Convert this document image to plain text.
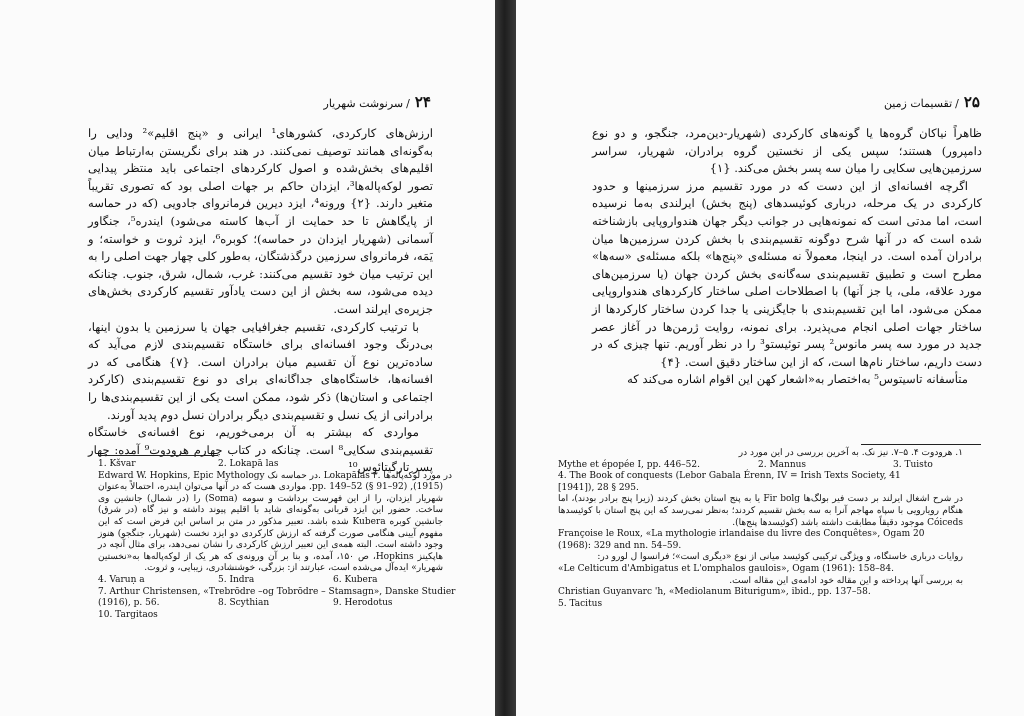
۲۴/سرنوشت شهریار

ارزش‌های کارکردی، کشورهای¹ ایرانی و «پنج اقلیم»² ودایی را به‌گونه‌ای همانند توصیف نمی‌کنند. در هند برای نگریستن به‌ارتباط میان اقلیم‌های بخش‌شده و اصول کارکردهای اجتماعی باید منتظر پیدایی تصور لوکه‌پاله‌ها³، ایزدان حاکم بر جهات اصلی بود که تصوری تقریباً متغیر دارند. {۲} ورونه⁴، ایزد دیرین فرمانروای جادویی (که در حماسه از پایگاهش تا حد حمایت از آب‌ها کاسته می‌شود) ایندره⁵، جنگاور آسمانی (شهریار ایزدان در حماسه)؛ کوبره⁶، ایزد ثروت و خواسته؛ و یَمَه، فرمانروای سرزمین درگذشتگان، به‌طور کلی چهار جهت اصلی را به این ترتیب میان خود تقسیم می‌کنند: غرب، شمال، شرق، جنوب. چنانکه دیده می‌شود، سه بخش از این دست یادآور تقسیم کارکردی بخش‌های جزیره‌ی ایرلند است.

با ترتیب کارکردی، تقسیم جغرافیایی جهان یا سرزمین یا بدون اینها، بی‌درنگ وجود افسانه‌ای برای خاستگاه تقسیم‌بندی لازم می‌آید که ساده‌ترین نوع آن تقسیم میان برادران است. {۷} هنگامی که در افسانه‌ها، خاستگاه‌های جداگانه‌ای برای دو نوع تقسیم‌بندی (کارکرد اجتماعی و استان‌ها) ذکر شود، ممکن است یکی از این تقسیم‌بندی‌ها را برادرانی از یک نسل و تقسیم‌بندی دیگر برادران نسل دوم پدید آورند.

مواردی که بیشتر به آن برمی‌خوریم، نوع افسانه‌ی خاستگاه تقسیم‌بندی سکایی⁸ است. چنانکه در کتاب چهارم هرودوت⁹ آمده: چهار پسر تارگیتائوس¹⁰

1. Kšvar	2. Lokapā las
Edward W. Hopkins, Epic Mythology در حماسه نک. Lokapālas ۳. در مورد لوکه‌پاله‌ها
(1915), pp. 149–52 (§ 91–92). مواردی هست که در آنها می‌توان ایندره، احتمالاً به‌عنوان شهریار ایزدان، را از این فهرست برداشت و سومه (Soma) را (در شمال) جانشین وی ساخت. حضور این ایزد قربانی به‌گونه‌ای شاید با اقلیم پیوند داشته و نیز گاه (در شرق) جانشین کوبره Kubera شده باشد. تعبیر مذکور در متن بر اساس این فرض است که این مفهوم آیینی هنگامی صورت گرفته که ارزش کارکردی دو ایزد نخست (شهریار، جنگجو) هنوز وجود داشته است. البته همه‌ی این تعبیر ارزش کارکردی را نشان نمی‌دهد، برای مثال آنچه در هاپکینز Hopkins، ص ۱۵۰، آمده، و بنا بر آن ورونه‌ی که هر یک از لوکه‌پاله‌ها به«نخستین شهریار» ایده‌آل می‌شده است، عبارتند از: بزرگی، خوشنشادری، زیبایی، و ثروت.
4. Varuṇ a	5. Indra	6. Kubera
7. Arthur Christensen, «Trebrōdre –og Tobrōdre – Stamsagn», Danske Studier
(1916), p. 56.	8. Scythian	9. Herodotus
10. Targitaos
۲۵/تقسیمات زمین

ظاهراً نیاکان گروه‌ها یا گونه‌های کارکردی (شهریار-دین‌مرد، جنگجو، و دو نوع دامپرور) هستند؛ سپس یکی از نخستین گروه برادران، شهریار، سراسر سرزمین‌هایی سکایی را میان سه پسر بخش می‌کند. {۱}

اگرچه افسانه‌ای از این دست که در مورد تقسیم مرز سرزمینها و حدود کارکردی در یک مرحله، درباری کوئیسدهای (پنج بخش) ایرلندی به‌ما نرسیده است، اما مدتی است که نمونه‌هایی در جوانب دیگر جهان هندواروپایی بازشناخته شده است که در آنها شرح دوگونه تقسیم‌بندی با بخش کردن سرزمین‌ها میان برادران آمده است. در اینجا، معمولاً نه مسئله‌ی «پنج‌ها» بلکه مسئله‌ی «سه‌ها» مطرح است و تطبیق تقسیم‌بندی سه‌گانه‌ی بخش کردن جهان (یا سرزمین‌های مورد علاقه، ملی، یا جز آنها) با اصطلاحات اصلی ساختار کارکردهای هندواروپایی ممکن می‌شود، اما این تقسیم‌بندی با جایگزینی یا جدا کردن ساختار کارکردها از ساختار جهات اصلی انجام می‌پذیرد. برای نمونه، روایت ژرمن‌ها در آغاز عصر جدید در مورد سه پسر مانوس² پسر توئیستو³ را در نظر آوریم. تنها چیزی که در دست داریم، ساختار نام‌ها است، که از این ساختار دقیق است. {۴}

متأسفانه تاسیتوس⁵ به‌اختصار به«اشعار کهن این اقوام اشاره می‌کند که

۱. هرودوت ۴. ۵–۷. نیز نک. به آخرین بررسی در این مورد در
Mythe et épopée I, pp. 446–52.	2. Mannus	3. Tuisto
4. The Book of conquests (Lebor Gabala Érenn, IV = Irish Texts Society, 41
[1941]), 28 § 295.
در شرح اشغال ایرلند بر دست فیر بولگ‌ها Fir bolg یا به پنج استان بخش کردند (زیرا پنج برادر بودند)، اما هنگام رویارویی با سپاه مهاجم آنرا به سه بخش تقسیم کردند؛ به‌نظر نمی‌رسد که این پنج استان با کوئیسدها Cóiceds موجود دقیقاً مطابقت داشته باشد (کوئیسدها پنج‌ها).
Françoise le Roux, «La mythologie irlandaise du livre des Conquêtes», Ogam 20
(1968): 329 and nn. 54–59.
روایات درباری خاستگاه، و ویژگی ترکیبی کوئیسد میانی از نوع «دیگری است»؛ فرانسوا ل لورو در:
«Le Celticum d'Ambigatus et L'omphalos gaulois», Ogam (1961): 158–84.
به بررسی آنها پرداخته و این مقاله خود ادامه‌ی این مقاله است.
Christian Guyanvarc 'h, «Mediolanum Biturigum», ibid., pp. 137–58.
5. Tacitus
